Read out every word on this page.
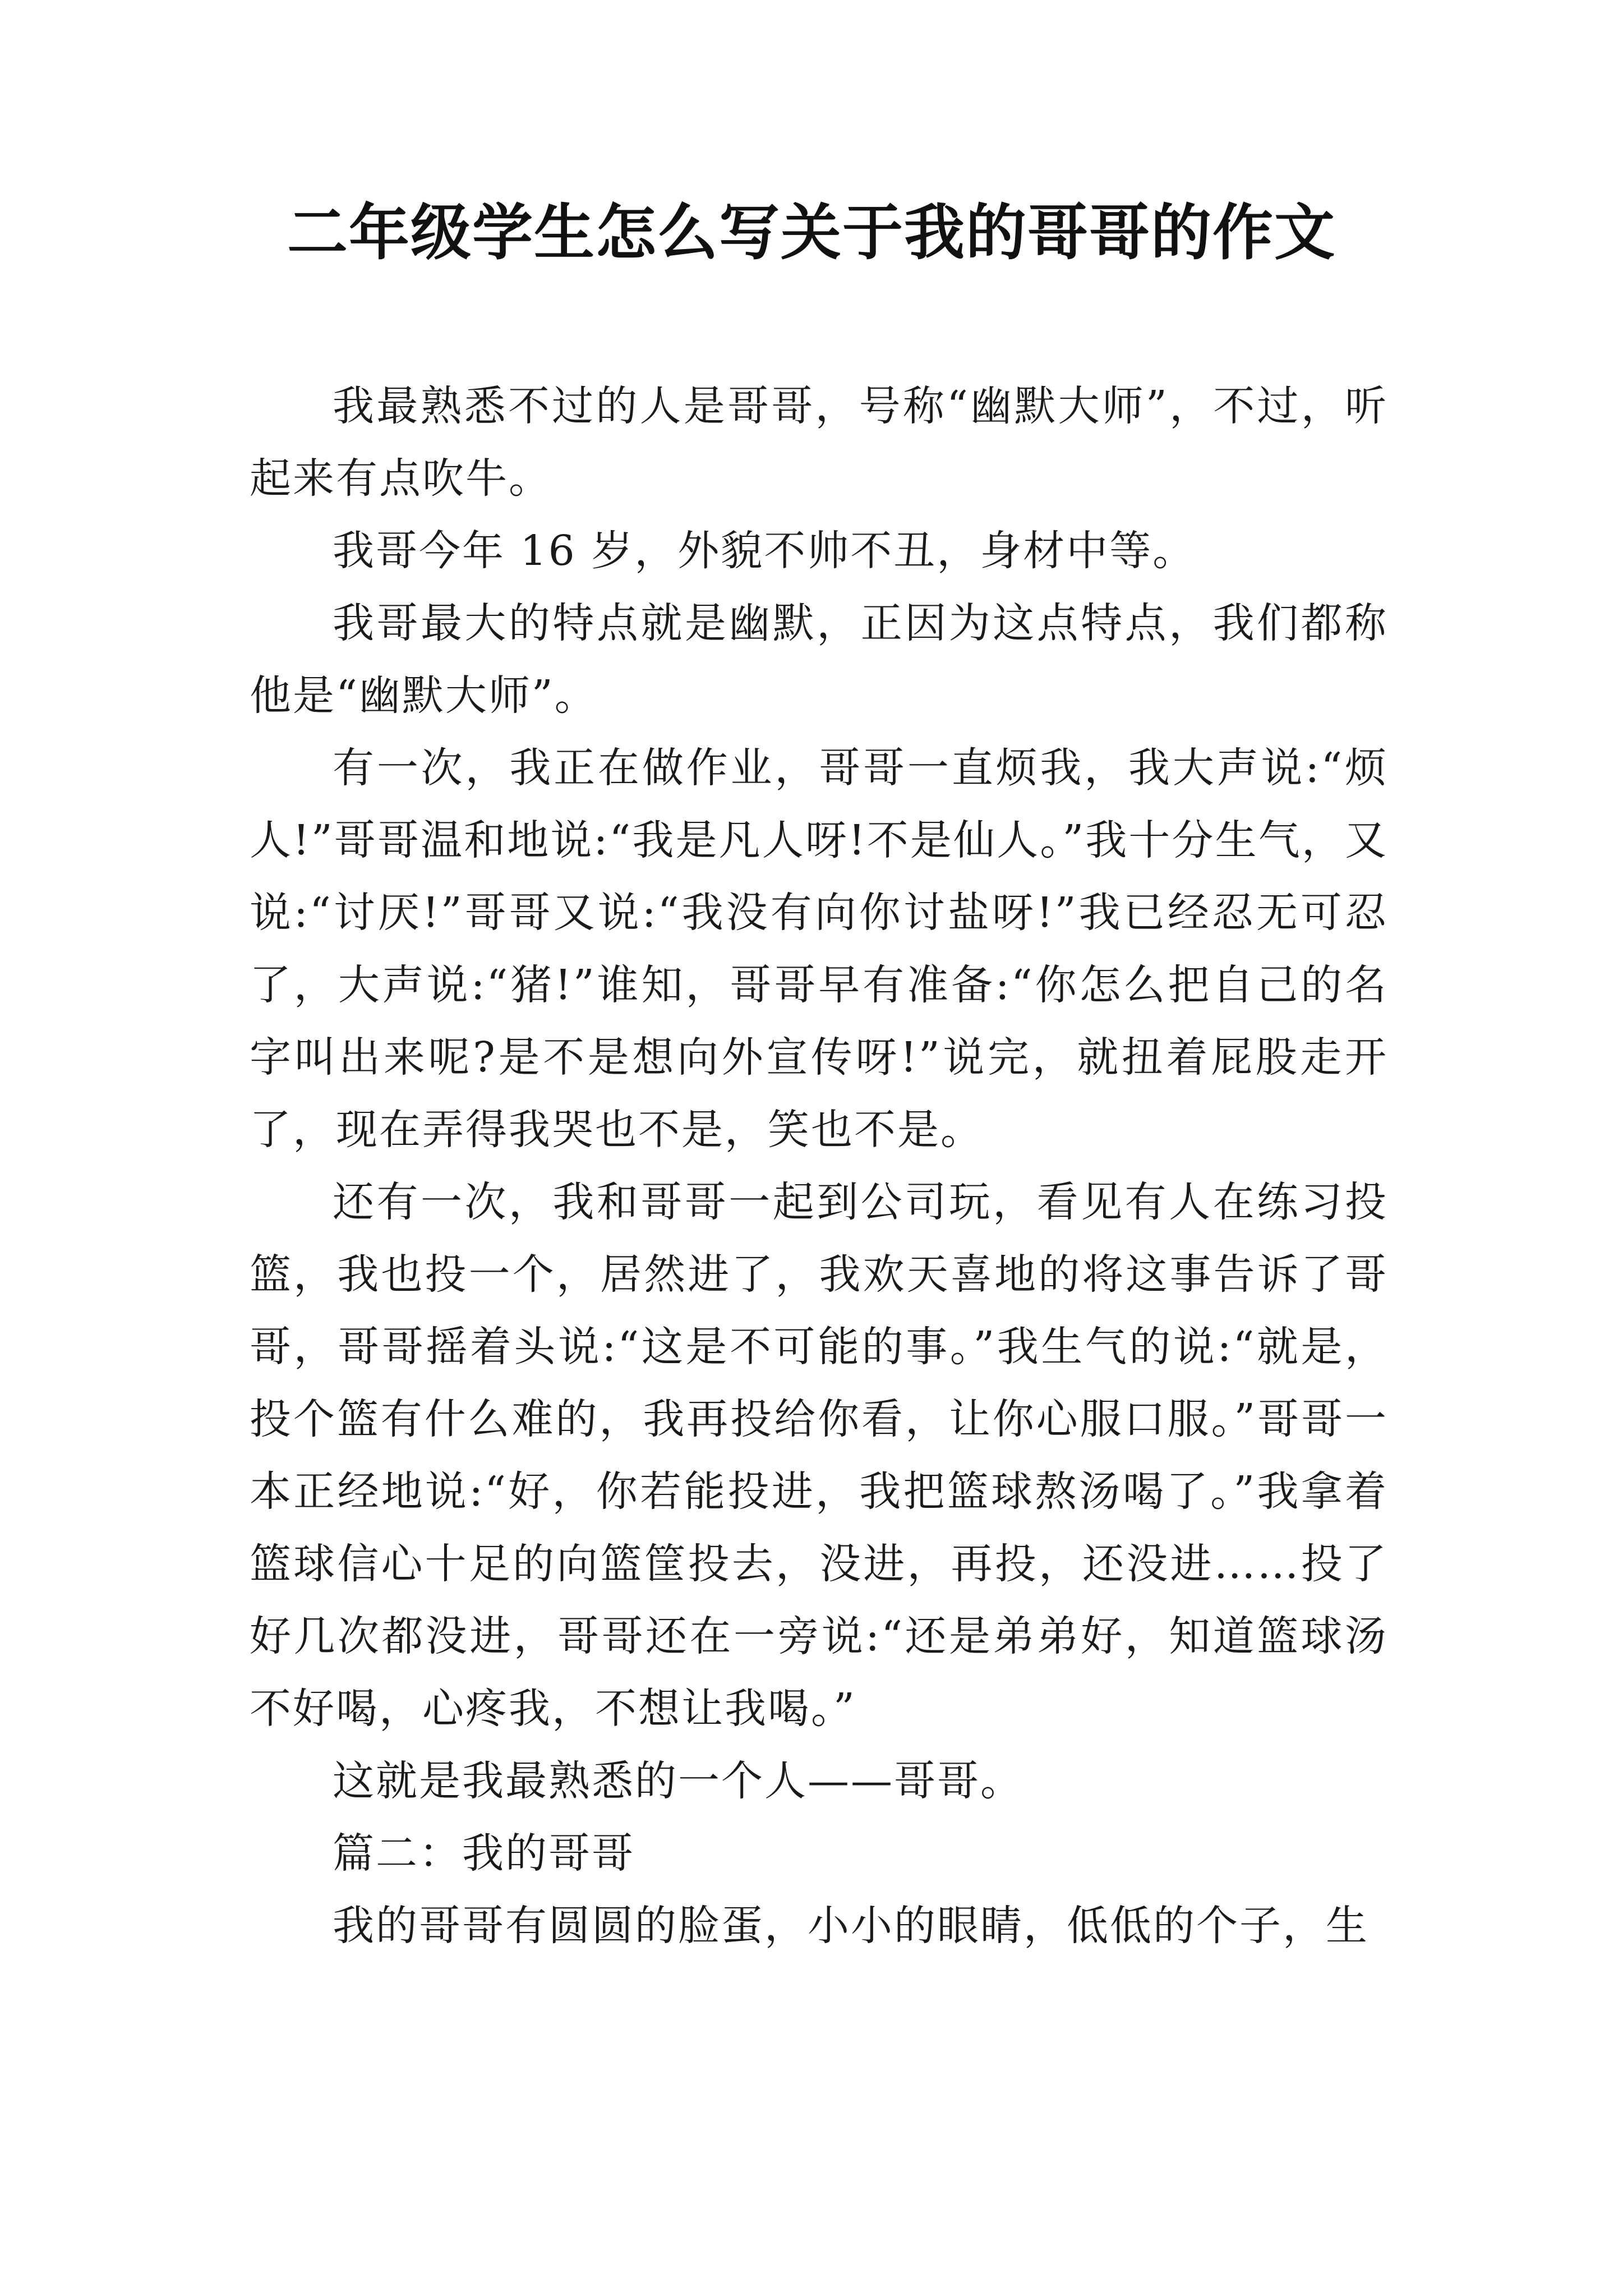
二年级学生怎么写关于我的哥哥的作文

我最熟悉不过的人是哥哥，号称“幽默大师”，不过，听起来有点吹牛。

我哥今年 16 岁，外貌不帅不丑，身材中等。

我哥最大的特点就是幽默，正因为这点特点，我们都称他是“幽默大师”。

有一次，我正在做作业，哥哥一直烦我，我大声说:“烦人!”哥哥温和地说:“我是凡人呀!不是仙人。”我十分生气，又说:“讨厌!”哥哥又说:“我没有向你讨盐呀!”我已经忍无可忍了，大声说:“猪!”谁知，哥哥早有准备:“你怎么把自己的名字叫出来呢?是不是想向外宣传呀!”说完，就扭着屁股走开了，现在弄得我哭也不是，笑也不是。

还有一次，我和哥哥一起到公司玩，看见有人在练习投篮，我也投一个，居然进了，我欢天喜地的将这事告诉了哥哥，哥哥摇着头说:“这是不可能的事。”我生气的说:“就是，投个篮有什么难的，我再投给你看，让你心服口服。”哥哥一本正经地说:“好，你若能投进，我把篮球熬汤喝了。”我拿着篮球信心十足的向篮筐投去，没进，再投，还没进……投了好几次都没进，哥哥还在一旁说:“还是弟弟好，知道篮球汤不好喝，心疼我，不想让我喝。”

这就是我最熟悉的一个人——哥哥。

篇二：我的哥哥

我的哥哥有圆圆的脸蛋，小小的眼睛，低低的个子，生
